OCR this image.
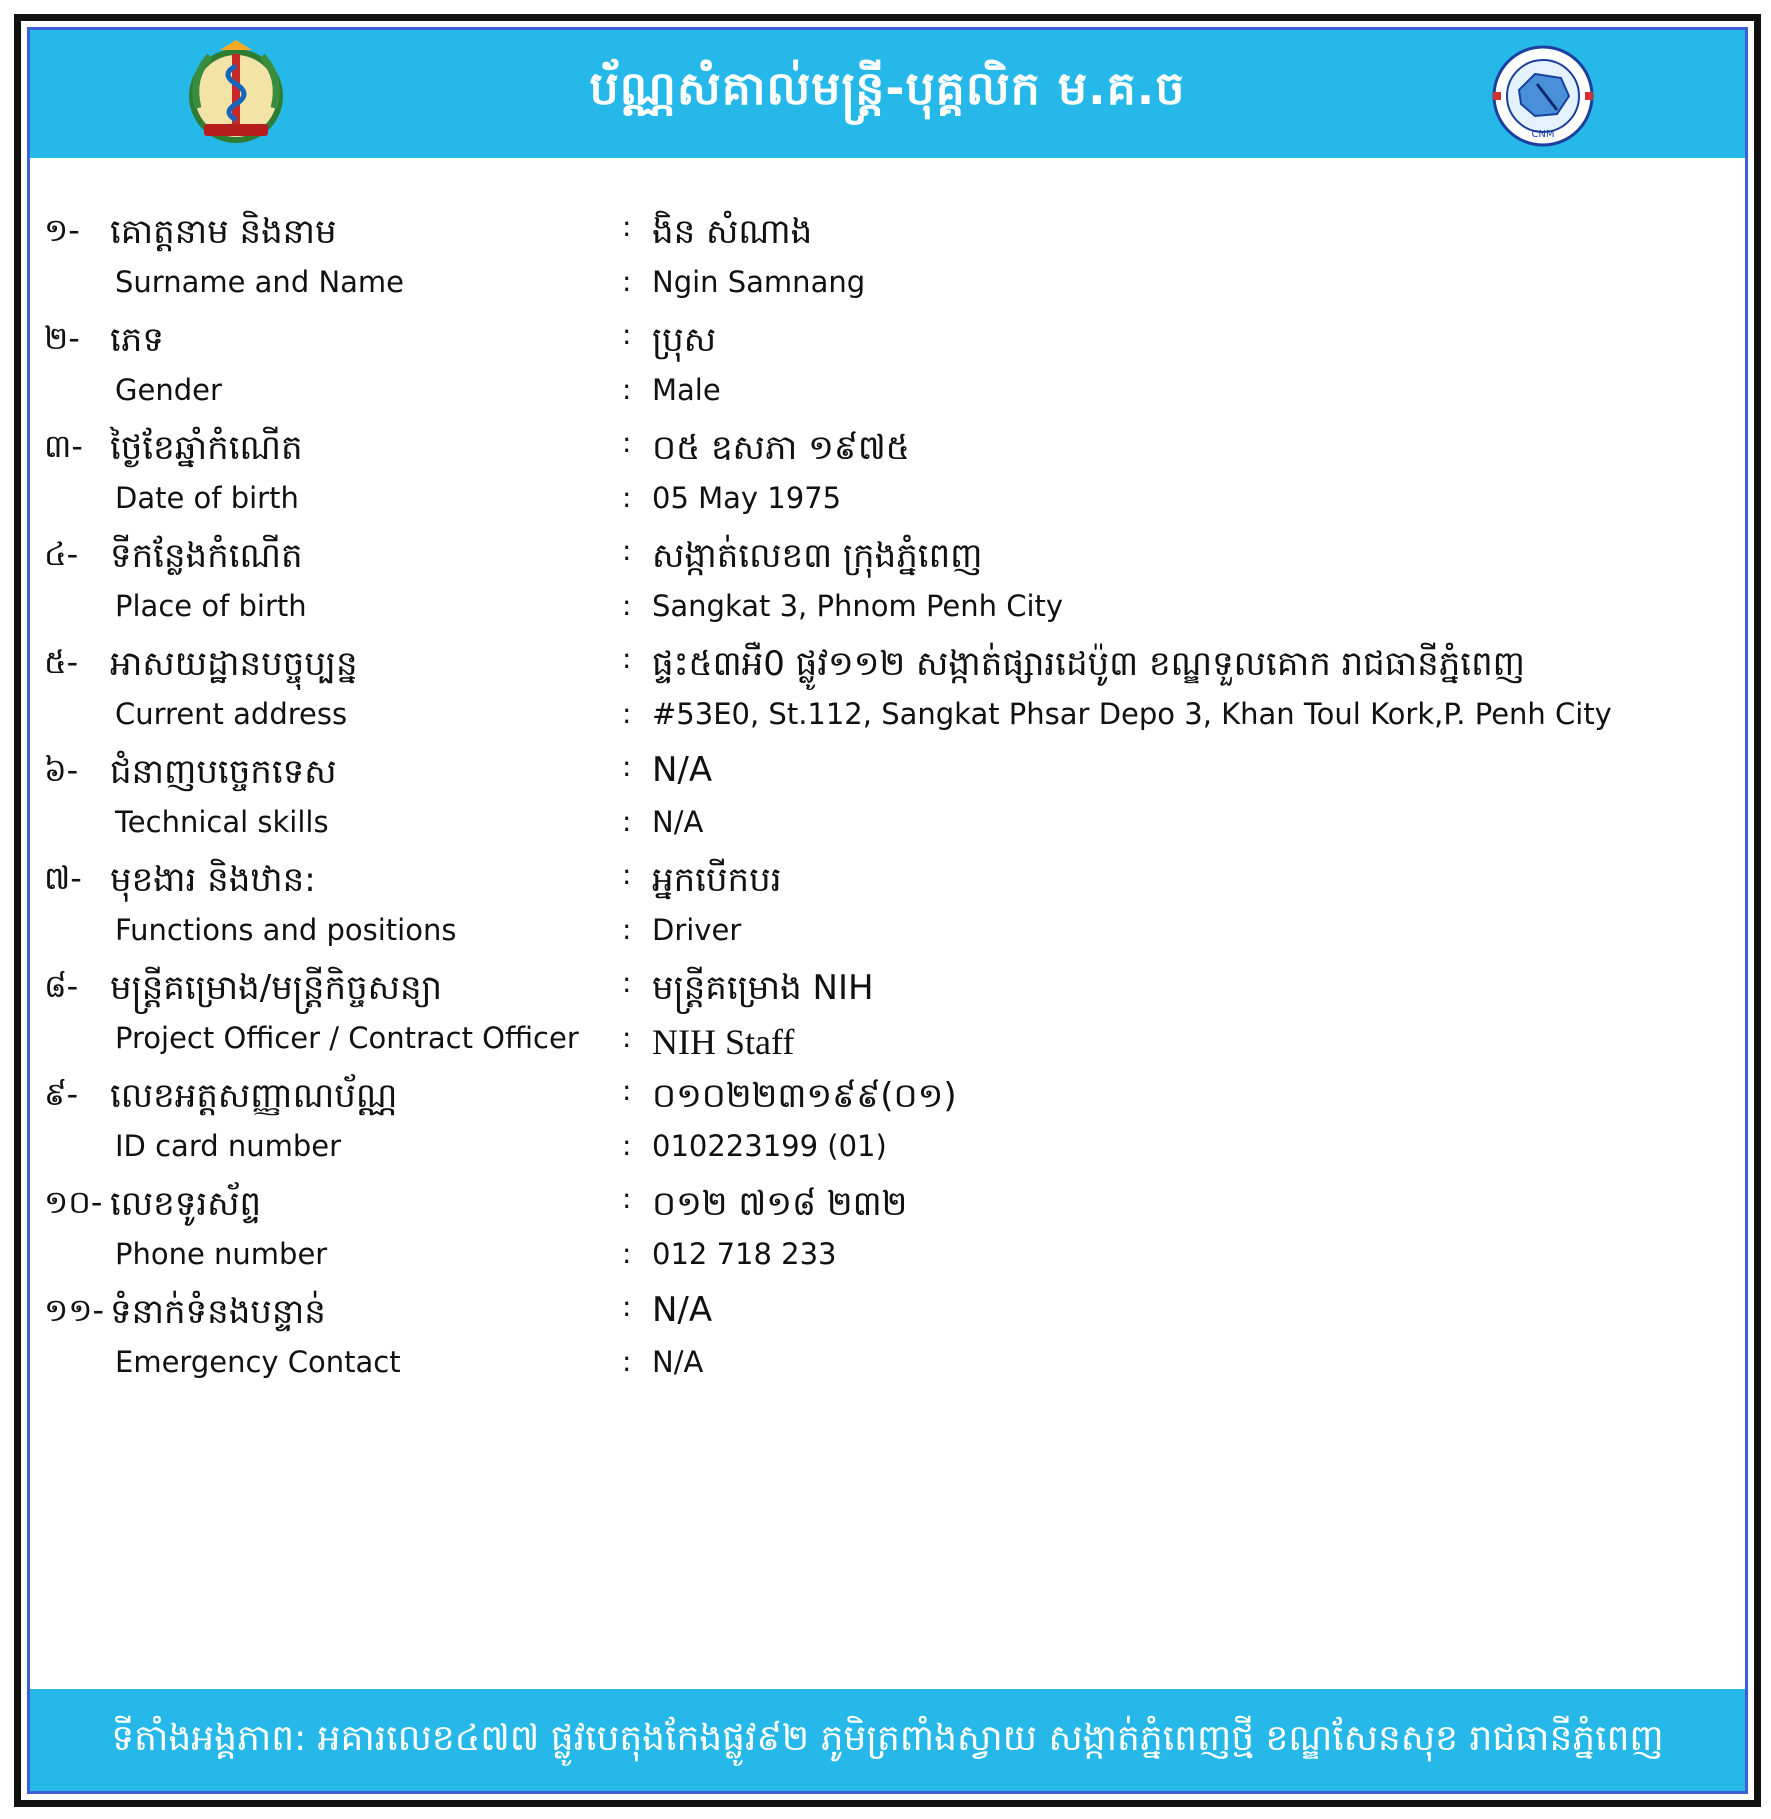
ប័ណ្ណសំគាល់មន្រ្តី-បុគ្គលិក ម.គ.ច
CNM
១- គោត្តនាម និងនាម	: ងិន សំណាង
Surname and Name	: Ngin Samnang
២- ភេទ	: ប្រុស
Gender	: Male
៣- ថ្ងៃខែឆ្នាំកំណើត	: ០៥ ឧសភា ១៩៧៥
Date of birth	: 05 May 1975
៤- ទីកន្លែងកំណើត	: សង្កាត់លេខ៣ ក្រុងភ្នំពេញ
Place of birth	: Sangkat 3, Phnom Penh City
៥- អាសយដ្ឋានបច្ចុប្បន្ន	: ផ្ទះ៥៣អឺ0 ផ្លូវ១១២ សង្កាត់ផ្សារដេប៉ូ៣ ខណ្ឌទួលគោក រាជធានីភ្នំពេញ
Current address	: #53E0, St.112, Sangkat Phsar Depo 3, Khan Toul Kork,P. Penh City
៦- ជំនាញបច្ចេកទេស	: N/A
Technical skills	: N/A
៧- មុខងារ និងឋាន:	: អ្នកបើកបរ
Functions and positions	: Driver
៨- មន្ត្រីគម្រោង/មន្ត្រីកិច្ចសន្យា	: មន្ត្រីគម្រោង NIH
Project Officer / Contract Officer : NIH Staff
៩- លេខអត្តសញ្ញាណប័ណ្ណ	: ០១០២២៣១៩៩(០១)
ID card number	: 010223199 (01)
១០- លេខទូរស័ព្ទ	: ០១២ ៧១៨ ២៣២
Phone number	: 012 718 233
១១- ទំនាក់ទំនងបន្ទាន់	: N/A
Emergency Contact	: N/A
ទីតាំងអង្គភាព: អគារលេខ៤៧៧ ផ្លូវបេតុងកែងផ្លូវ៩២ ភូមិត្រពាំងស្វាយ សង្កាត់ភ្នំពេញថ្មី ខណ្ឌសែនសុខ រាជធានីភ្នំពេញ
